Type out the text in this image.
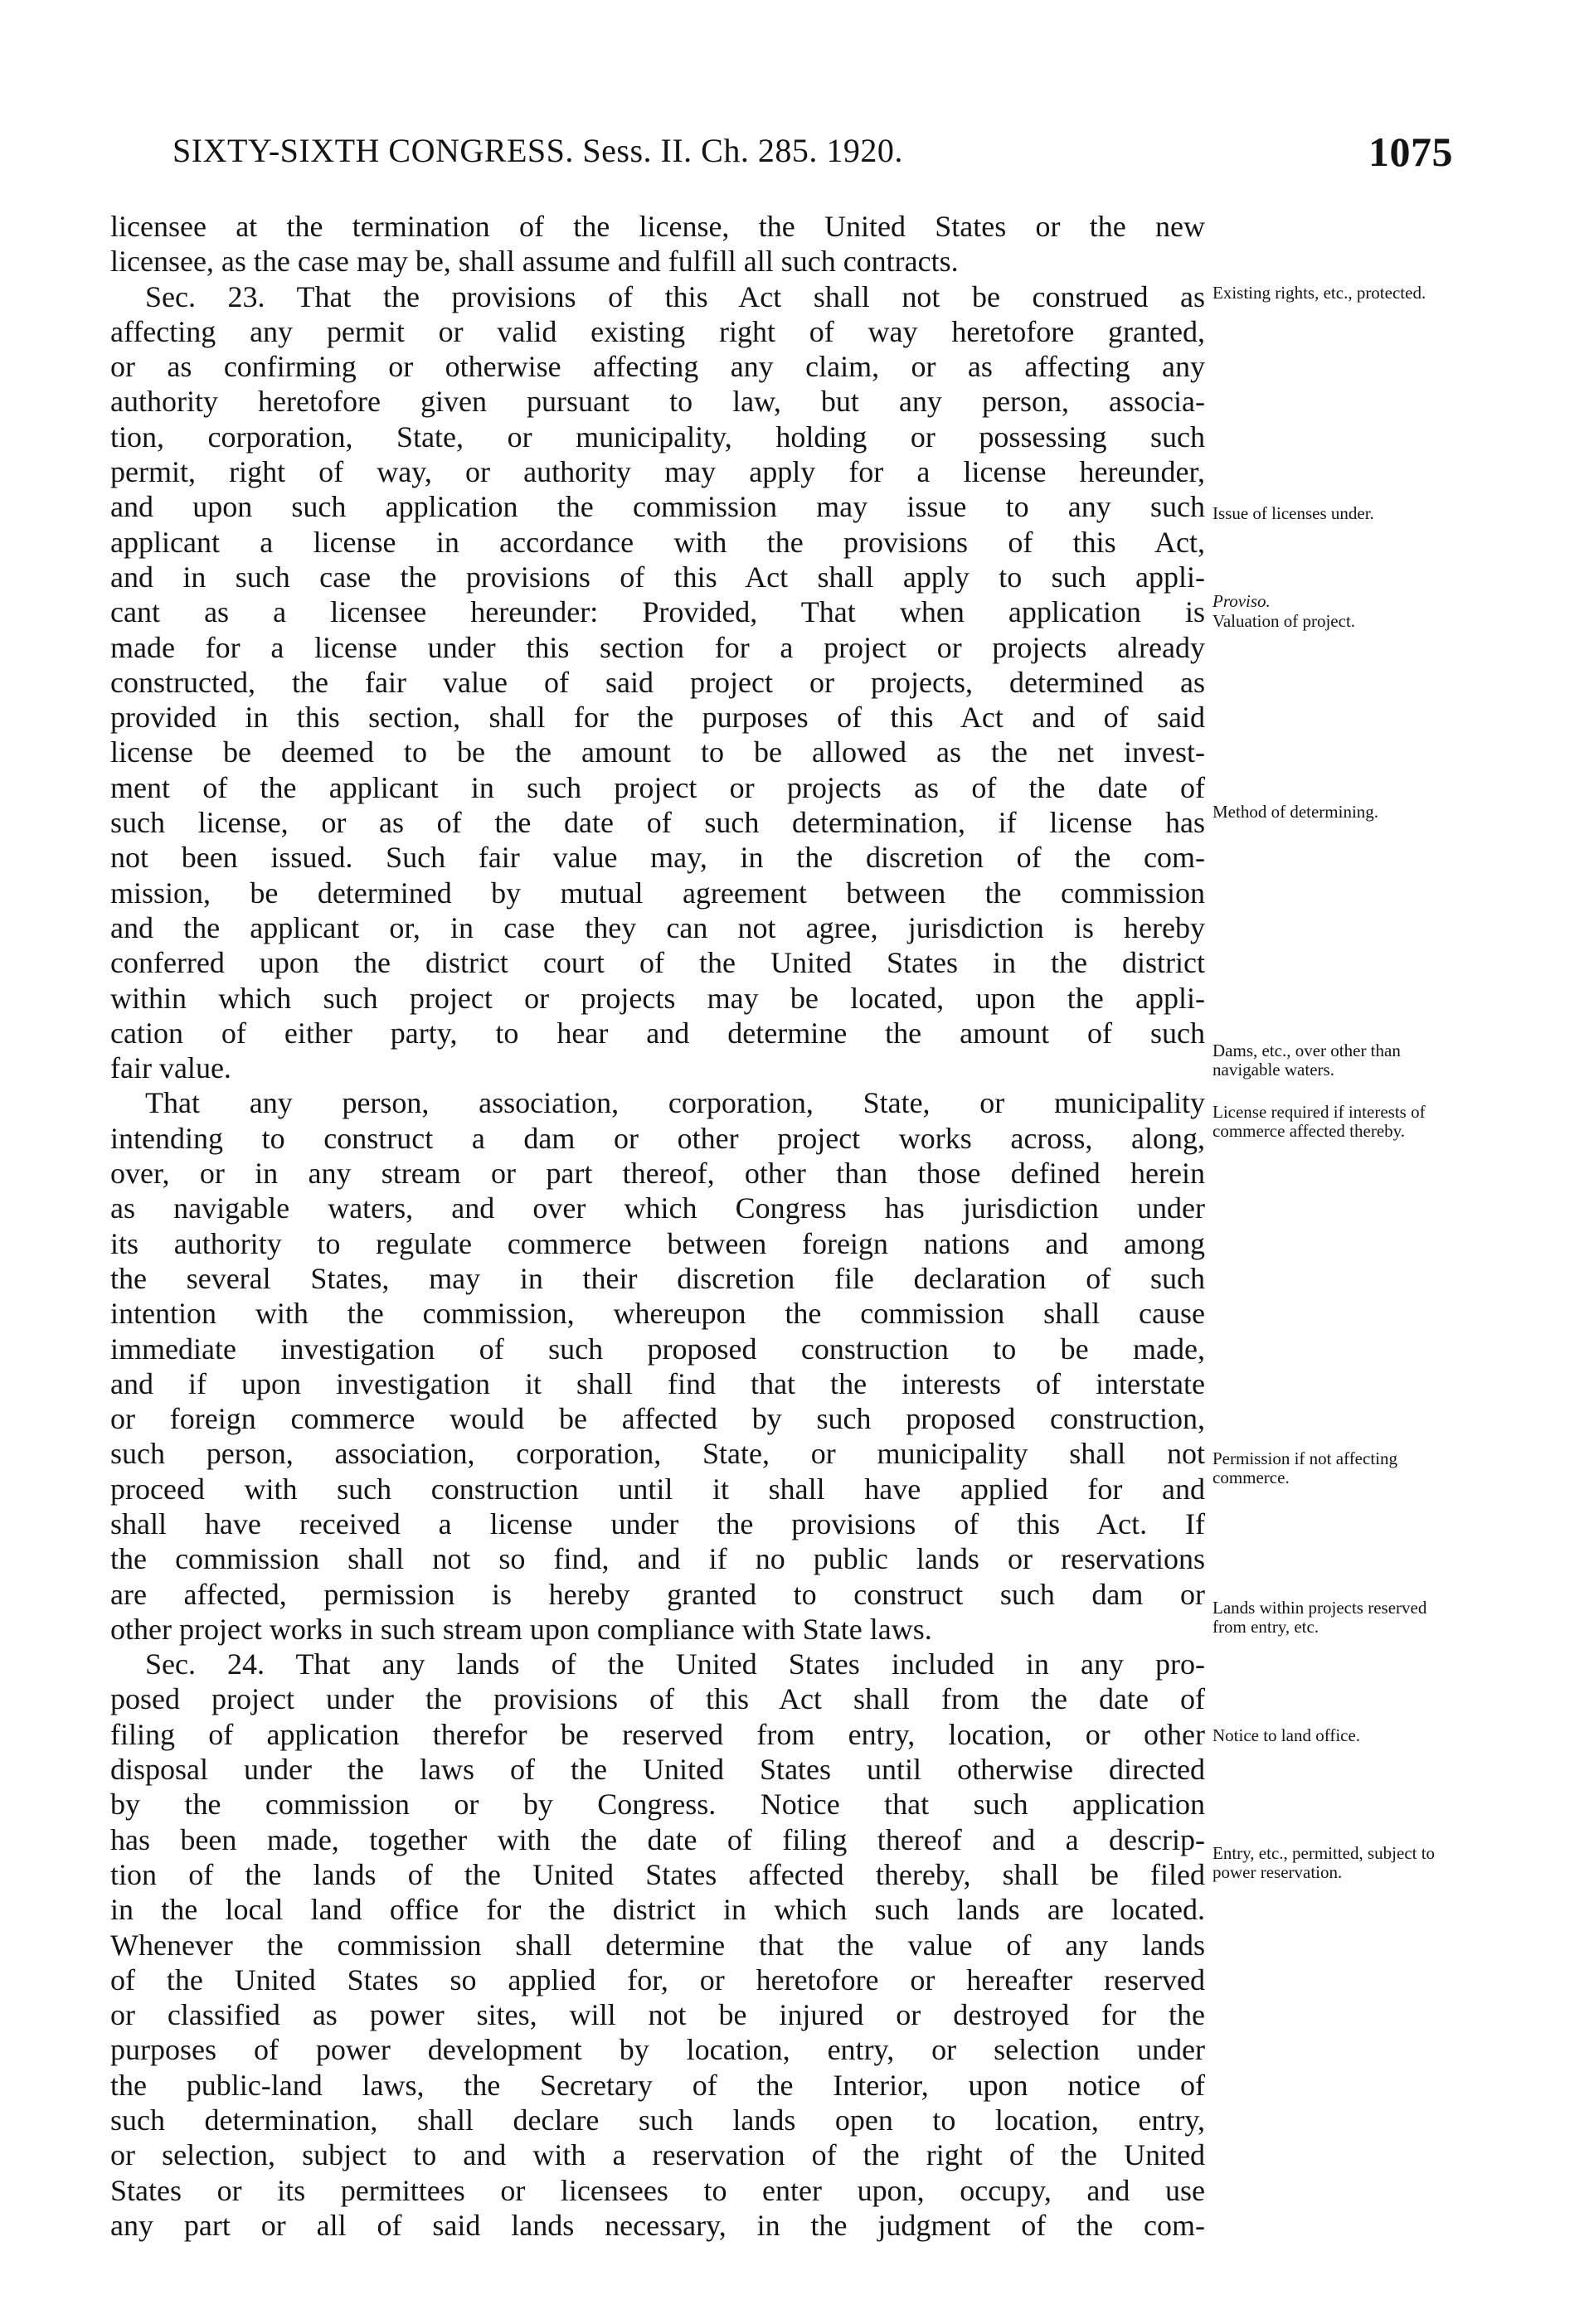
SIXTY-SIXTH CONGRESS. Sess. II. Ch. 285. 1920.	1075
licensee at the termination of the license, the United States or the new
licensee, as the case may be, shall assume and fulfill all such contracts.
Sec. 23. That the provisions of this Act shall not be construed as
affecting any permit or valid existing right of way heretofore granted,
or as confirming or otherwise affecting any claim, or as affecting any
authority heretofore given pursuant to law, but any person, associa-
tion, corporation, State, or municipality, holding or possessing such
permit, right of way, or authority may apply for a license hereunder,
and upon such application the commission may issue to any such
applicant a license in accordance with the provisions of this Act,
and in such case the provisions of this Act shall apply to such appli-
cant as a licensee hereunder: Provided, That when application is
made for a license under this section for a project or projects already
constructed, the fair value of said project or projects, determined as
provided in this section, shall for the purposes of this Act and of said
license be deemed to be the amount to be allowed as the net invest-
ment of the applicant in such project or projects as of the date of
such license, or as of the date of such determination, if license has
not been issued. Such fair value may, in the discretion of the com-
mission, be determined by mutual agreement between the commission
and the applicant or, in case they can not agree, jurisdiction is hereby
conferred upon the district court of the United States in the district
within which such project or projects may be located, upon the appli-
cation of either party, to hear and determine the amount of such
fair value.
That any person, association, corporation, State, or municipality
intending to construct a dam or other project works across, along,
over, or in any stream or part thereof, other than those defined herein
as navigable waters, and over which Congress has jurisdiction under
its authority to regulate commerce between foreign nations and among
the several States, may in their discretion file declaration of such
intention with the commission, whereupon the commission shall cause
immediate investigation of such proposed construction to be made,
and if upon investigation it shall find that the interests of interstate
or foreign commerce would be affected by such proposed construction,
such person, association, corporation, State, or municipality shall not
proceed with such construction until it shall have applied for and
shall have received a license under the provisions of this Act. If
the commission shall not so find, and if no public lands or reservations
are affected, permission is hereby granted to construct such dam or
other project works in such stream upon compliance with State laws.
Sec. 24. That any lands of the United States included in any pro-
posed project under the provisions of this Act shall from the date of
filing of application therefor be reserved from entry, location, or other
disposal under the laws of the United States until otherwise directed
by the commission or by Congress. Notice that such application
has been made, together with the date of filing thereof and a descrip-
tion of the lands of the United States affected thereby, shall be filed
in the local land office for the district in which such lands are located.
Whenever the commission shall determine that the value of any lands
of the United States so applied for, or heretofore or hereafter reserved
or classified as power sites, will not be injured or destroyed for the
purposes of power development by location, entry, or selection under
the public-land laws, the Secretary of the Interior, upon notice of
such determination, shall declare such lands open to location, entry,
or selection, subject to and with a reservation of the right of the United
States or its permittees or licensees to enter upon, occupy, and use
any part or all of said lands necessary, in the judgment of the com-
Existing rights, etc., protected.
Issue of licenses under.
Proviso.
Valuation of project.
Method of determining.
Dams, etc., over other than navigable waters.
License required if interests of commerce affected thereby.
Permission if not affecting commerce.
Lands within projects reserved from entry, etc.
Notice to land office.
Entry, etc., permitted, subject to power reservation.
